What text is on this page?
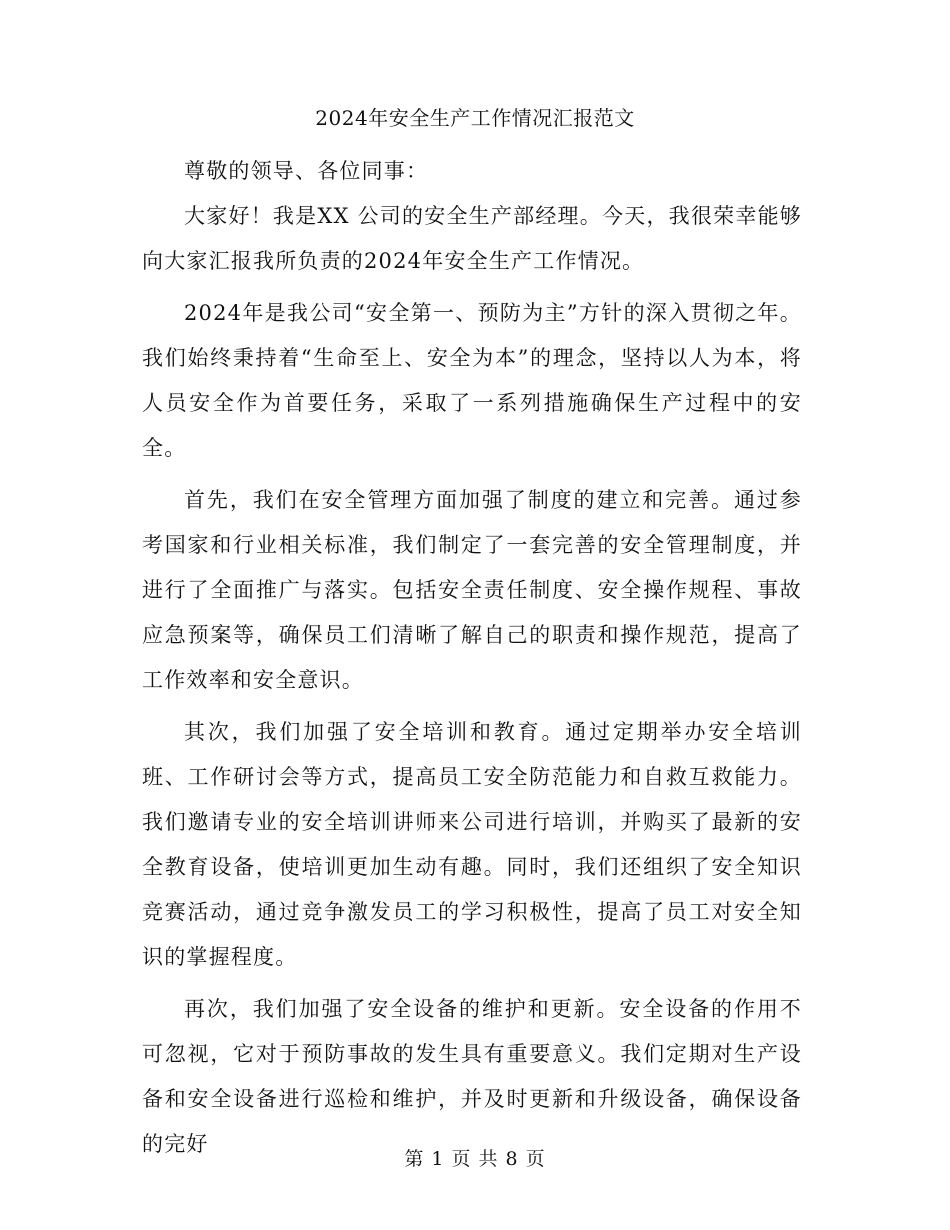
2024年安全生产工作情况汇报范文

尊敬的领导、各位同事：

大家好！我是XX 公司的安全生产部经理。今天，我很荣幸能够向大家汇报我所负责的2024年安全生产工作情况。

2024年是我公司“安全第一、预防为主”方针的深入贯彻之年。我们始终秉持着“生命至上、安全为本”的理念，坚持以人为本，将人员安全作为首要任务，采取了一系列措施确保生产过程中的安全。

首先，我们在安全管理方面加强了制度的建立和完善。通过参考国家和行业相关标准，我们制定了一套完善的安全管理制度，并进行了全面推广与落实。包括安全责任制度、安全操作规程、事故应急预案等，确保员工们清晰了解自己的职责和操作规范，提高了工作效率和安全意识。

其次，我们加强了安全培训和教育。通过定期举办安全培训班、工作研讨会等方式，提高员工安全防范能力和自救互救能力。我们邀请专业的安全培训讲师来公司进行培训，并购买了最新的安全教育设备，使培训更加生动有趣。同时，我们还组织了安全知识竞赛活动，通过竞争激发员工的学习积极性，提高了员工对安全知识的掌握程度。

再次，我们加强了安全设备的维护和更新。安全设备的作用不可忽视，它对于预防事故的发生具有重要意义。我们定期对生产设备和安全设备进行巡检和维护，并及时更新和升级设备，确保设备的完好

第 1 页 共 8 页
